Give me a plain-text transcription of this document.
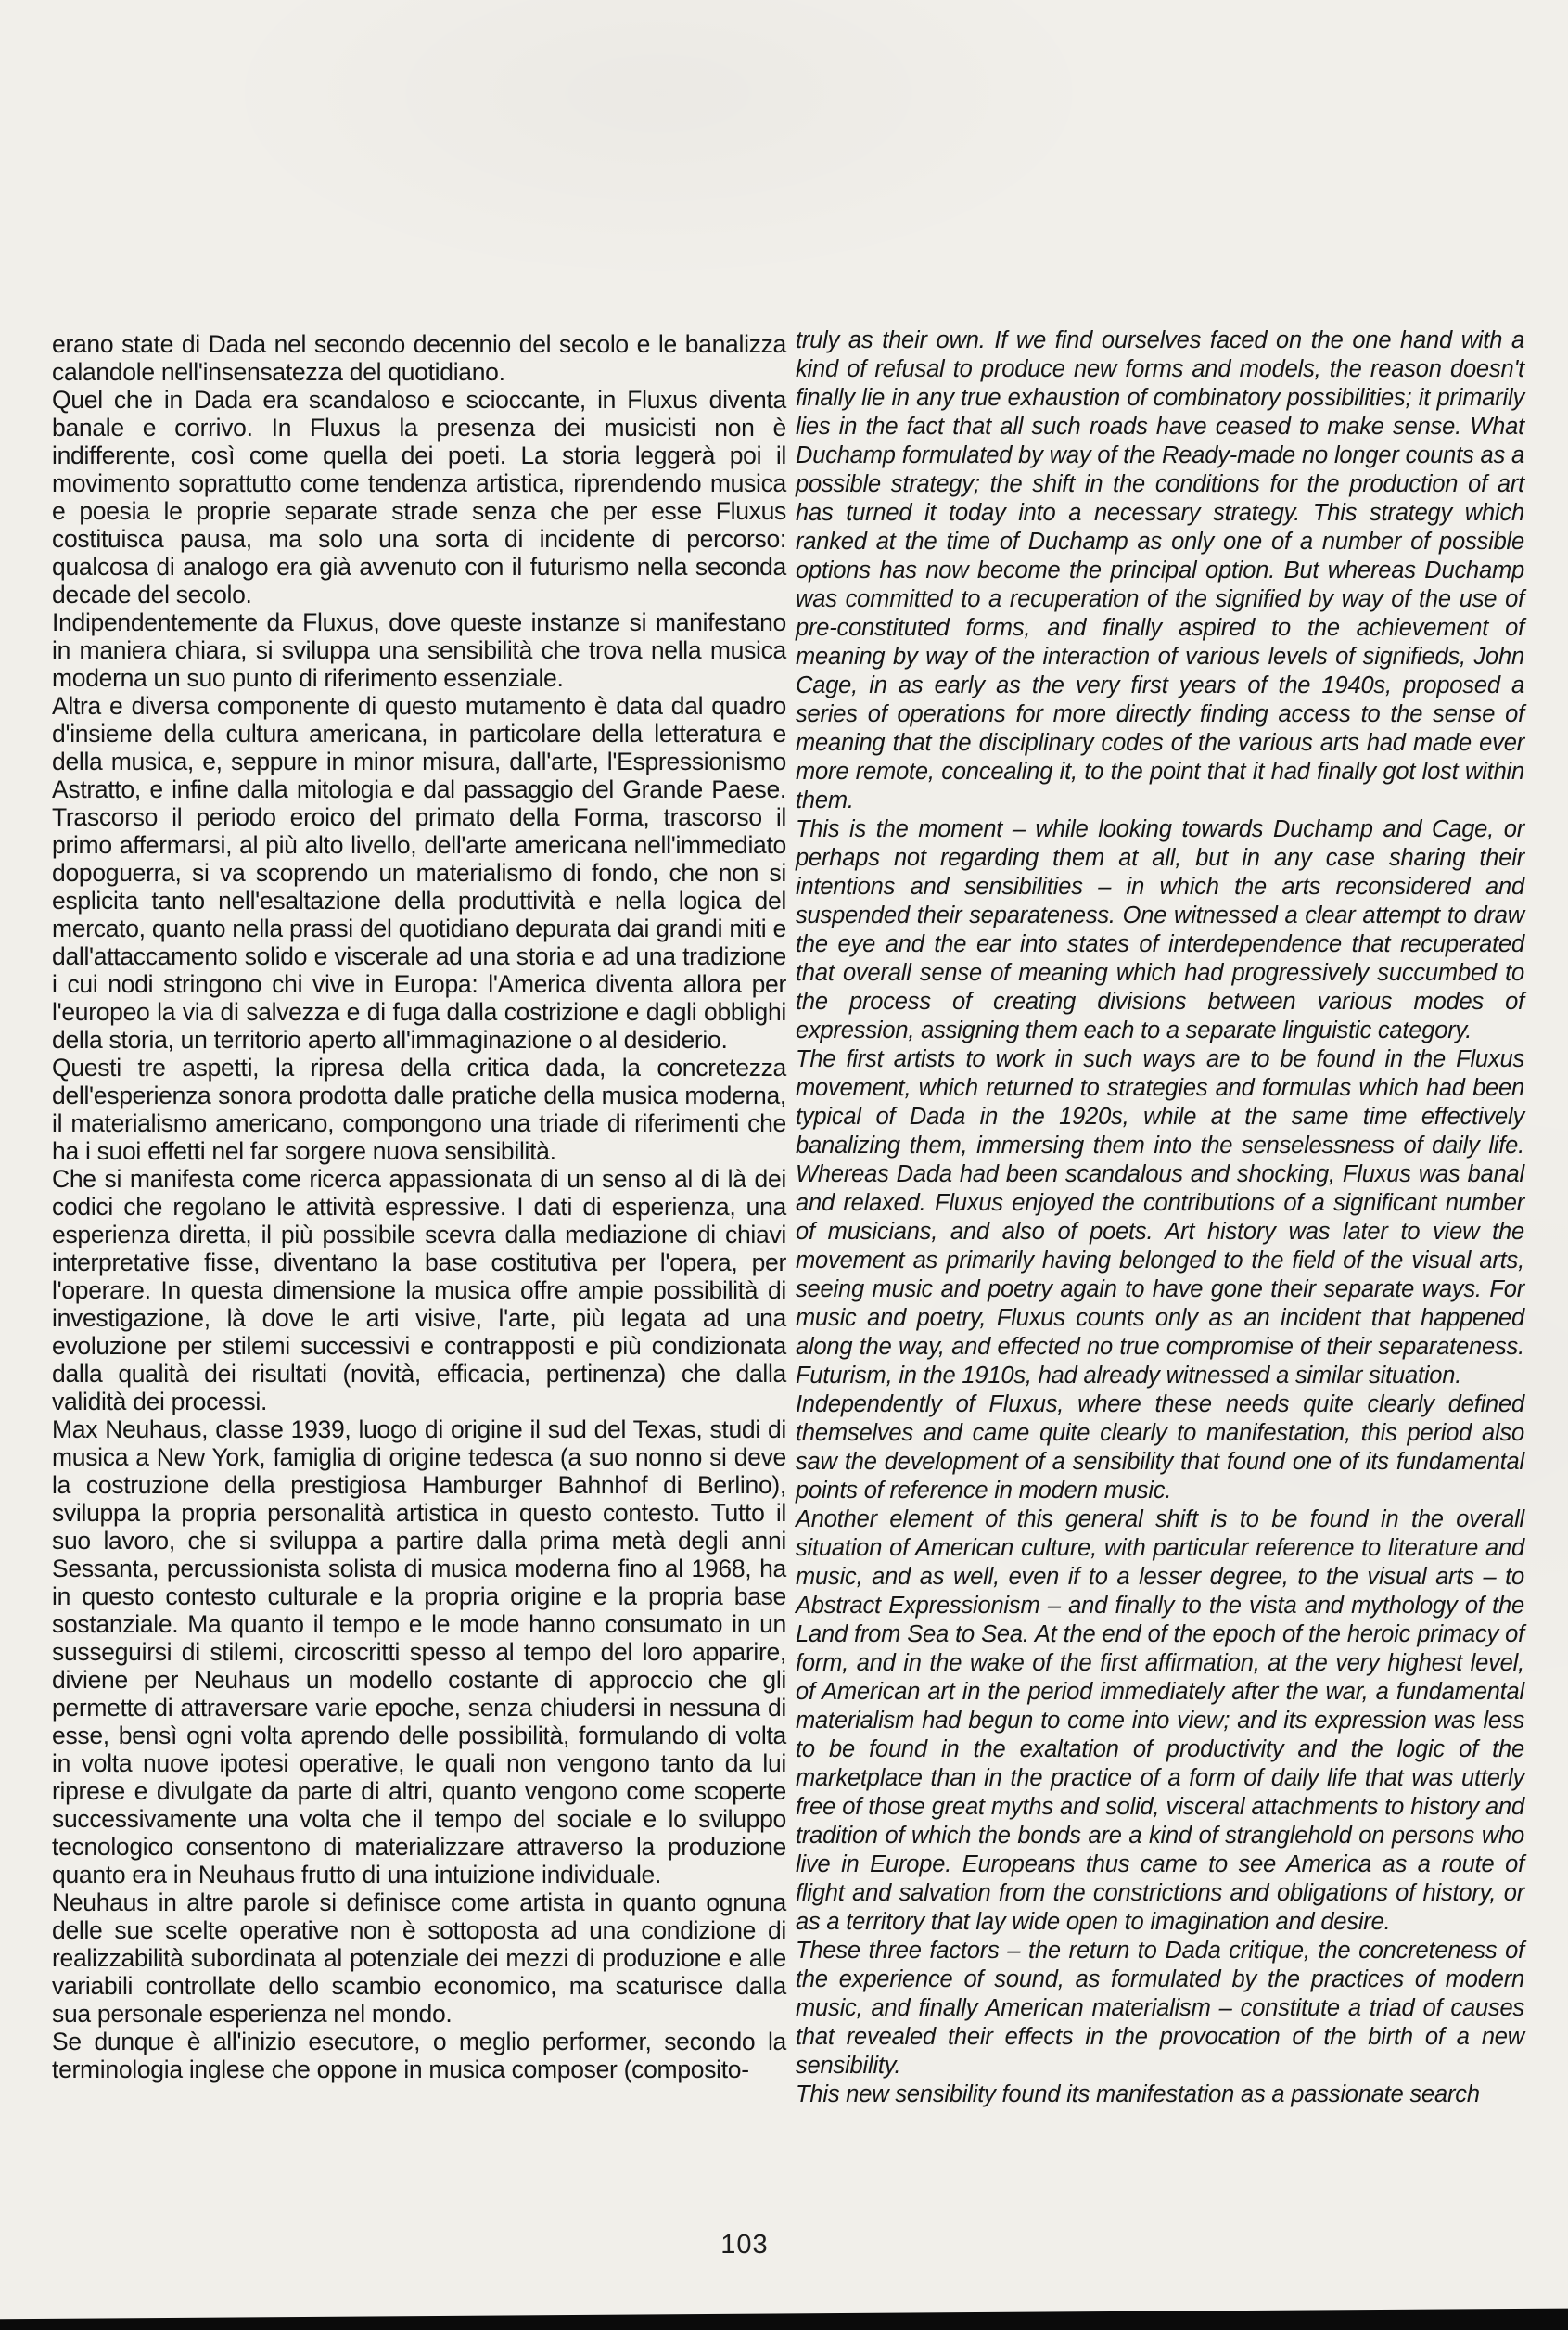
erano state di Dada nel secondo decennio del secolo e le banalizza calandole nell'insensatezza del quotidiano.

Quel che in Dada era scandaloso e scioccante, in Fluxus diventa banale e corrivo. In Fluxus la presenza dei musicisti non è indifferente, così come quella dei poeti. La storia leggerà poi il movimento soprattutto come tendenza artistica, riprendendo musica e poesia le proprie separate strade senza che per esse Fluxus costituisca pausa, ma solo una sorta di incidente di percorso: qualcosa di analogo era già avvenuto con il futurismo nella seconda decade del secolo.

Indipendentemente da Fluxus, dove queste instanze si manifestano in maniera chiara, si sviluppa una sensibilità che trova nella musica moderna un suo punto di riferimento essenziale.

Altra e diversa componente di questo mutamento è data dal quadro d'insieme della cultura americana, in particolare della letteratura e della musica, e, seppure in minor misura, dall'arte, l'Espressionismo Astratto, e infine dalla mitologia e dal passaggio del Grande Paese. Trascorso il periodo eroico del primato della Forma, trascorso il primo affermarsi, al più alto livello, dell'arte americana nell'immediato dopoguerra, si va scoprendo un materialismo di fondo, che non si esplicita tanto nell'esaltazione della produttività e nella logica del mercato, quanto nella prassi del quotidiano depurata dai grandi miti e dall'attaccamento solido e viscerale ad una storia e ad una tradizione i cui nodi stringono chi vive in Europa: l'America diventa allora per l'europeo la via di salvezza e di fuga dalla costrizione e dagli obblighi della storia, un territorio aperto all'immaginazione o al desiderio.

Questi tre aspetti, la ripresa della critica dada, la concretezza dell'esperienza sonora prodotta dalle pratiche della musica moderna, il materialismo americano, compongono una triade di riferimenti che ha i suoi effetti nel far sorgere nuova sensibilità.

Che si manifesta come ricerca appassionata di un senso al di là dei codici che regolano le attività espressive. I dati di esperienza, una esperienza diretta, il più possibile scevra dalla mediazione di chiavi interpretative fisse, diventano la base costitutiva per l'opera, per l'operare. In questa dimensione la musica offre ampie possibilità di investigazione, là dove le arti visive, l'arte, più legata ad una evoluzione per stilemi successivi e contrapposti e più condizionata dalla qualità dei risultati (novità, efficacia, pertinenza) che dalla validità dei processi.

Max Neuhaus, classe 1939, luogo di origine il sud del Texas, studi di musica a New York, famiglia di origine tedesca (a suo nonno si deve la costruzione della prestigiosa Hamburger Bahnhof di Berlino), sviluppa la propria personalità artistica in questo contesto. Tutto il suo lavoro, che si sviluppa a partire dalla prima metà degli anni Sessanta, percussionista solista di musica moderna fino al 1968, ha in questo contesto culturale e la propria origine e la propria base sostanziale. Ma quanto il tempo e le mode hanno consumato in un susseguirsi di stilemi, circoscritti spesso al tempo del loro apparire, diviene per Neuhaus un modello costante di approccio che gli permette di attraversare varie epoche, senza chiudersi in nessuna di esse, bensì ogni volta aprendo delle possibilità, formulando di volta in volta nuove ipotesi operative, le quali non vengono tanto da lui riprese e divulgate da parte di altri, quanto vengono come scoperte successivamente una volta che il tempo del sociale e lo sviluppo tecnologico consentono di materializzare attraverso la produzione quanto era in Neuhaus frutto di una intuizione individuale.

Neuhaus in altre parole si definisce come artista in quanto ognuna delle sue scelte operative non è sottoposta ad una condizione di realizzabilità subordinata al potenziale dei mezzi di produzione e alle variabili controllate dello scambio economico, ma scaturisce dalla sua personale esperienza nel mondo.

Se dunque è all'inizio esecutore, o meglio performer, secondo la terminologia inglese che oppone in musica composer (composito-

truly as their own. If we find ourselves faced on the one hand with a kind of refusal to produce new forms and models, the reason doesn't finally lie in any true exhaustion of combinatory possibilities; it primarily lies in the fact that all such roads have ceased to make sense. What Duchamp formulated by way of the Ready-made no longer counts as a possible strategy; the shift in the conditions for the production of art has turned it today into a necessary strategy. This strategy which ranked at the time of Duchamp as only one of a number of possible options has now become the principal option. But whereas Duchamp was committed to a recuperation of the signified by way of the use of pre-constituted forms, and finally aspired to the achievement of meaning by way of the interaction of various levels of signifieds, John Cage, in as early as the very first years of the 1940s, proposed a series of operations for more directly finding access to the sense of meaning that the disciplinary codes of the various arts had made ever more remote, concealing it, to the point that it had finally got lost within them.

This is the moment – while looking towards Duchamp and Cage, or perhaps not regarding them at all, but in any case sharing their intentions and sensibilities – in which the arts reconsidered and suspended their separateness. One witnessed a clear attempt to draw the eye and the ear into states of interdependence that recuperated that overall sense of meaning which had progressively succumbed to the process of creating divisions between various modes of expression, assigning them each to a separate linguistic category.

The first artists to work in such ways are to be found in the Fluxus movement, which returned to strategies and formulas which had been typical of Dada in the 1920s, while at the same time effectively banalizing them, immersing them into the senselessness of daily life. Whereas Dada had been scandalous and shocking, Fluxus was banal and relaxed. Fluxus enjoyed the contributions of a significant number of musicians, and also of poets. Art history was later to view the movement as primarily having belonged to the field of the visual arts, seeing music and poetry again to have gone their separate ways. For music and poetry, Fluxus counts only as an incident that happened along the way, and effected no true compromise of their separateness. Futurism, in the 1910s, had already witnessed a similar situation.

Independently of Fluxus, where these needs quite clearly defined themselves and came quite clearly to manifestation, this period also saw the development of a sensibility that found one of its fundamental points of reference in modern music.

Another element of this general shift is to be found in the overall situation of American culture, with particular reference to literature and music, and as well, even if to a lesser degree, to the visual arts – to Abstract Expressionism – and finally to the vista and mythology of the Land from Sea to Sea. At the end of the epoch of the heroic primacy of form, and in the wake of the first affirmation, at the very highest level, of American art in the period immediately after the war, a fundamental materialism had begun to come into view; and its expression was less to be found in the exaltation of productivity and the logic of the marketplace than in the practice of a form of daily life that was utterly free of those great myths and solid, visceral attachments to history and tradition of which the bonds are a kind of stranglehold on persons who live in Europe. Europeans thus came to see America as a route of flight and salvation from the constrictions and obligations of history, or as a territory that lay wide open to imagination and desire.

These three factors – the return to Dada critique, the concreteness of the experience of sound, as formulated by the practices of modern music, and finally American materialism – constitute a triad of causes that revealed their effects in the provocation of the birth of a new sensibility.

This new sensibility found its manifestation as a passionate search

103
